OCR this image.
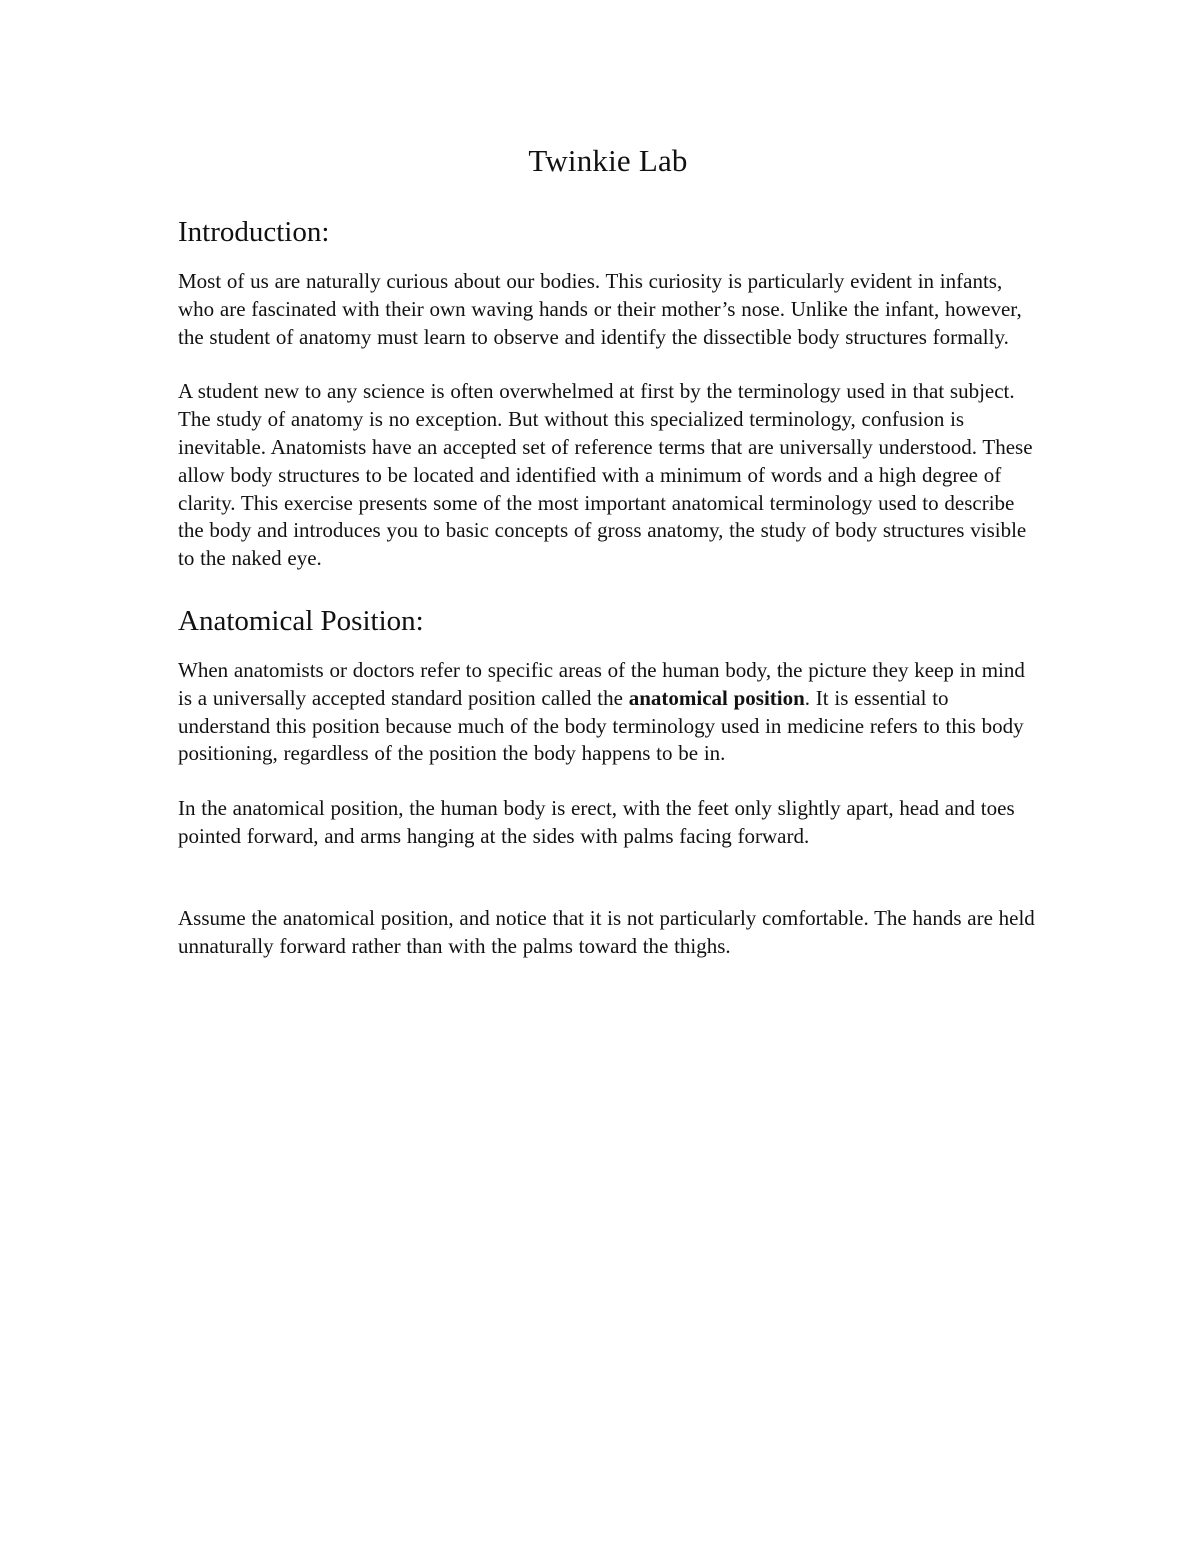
Twinkie Lab
Introduction:

Most of us are naturally curious about our bodies. This curiosity is particularly evident in infants, who are fascinated with their own waving hands or their mother’s nose. Unlike the infant, however, the student of anatomy must learn to observe and identify the dissectible body structures formally.

A student new to any science is often overwhelmed at first by the terminology used in that subject. The study of anatomy is no exception. But without this specialized terminology, confusion is inevitable. Anatomists have an accepted set of reference terms that are universally understood. These allow body structures to be located and identified with a minimum of words and a high degree of clarity. This exercise presents some of the most important anatomical terminology used to describe the body and introduces you to basic concepts of gross anatomy, the study of body structures visible to the naked eye.

Anatomical Position:

When anatomists or doctors refer to specific areas of the human body, the picture they keep in mind is a universally accepted standard position called the anatomical position. It is essential to understand this position because much of the body terminology used in medicine refers to this body positioning, regardless of the position the body happens to be in.

In the anatomical position, the human body is erect, with the feet only slightly apart, head and toes pointed forward, and arms hanging at the sides with palms facing forward.

Assume the anatomical position, and notice that it is not particularly comfortable. The hands are held unnaturally forward rather than with the palms toward the thighs.
